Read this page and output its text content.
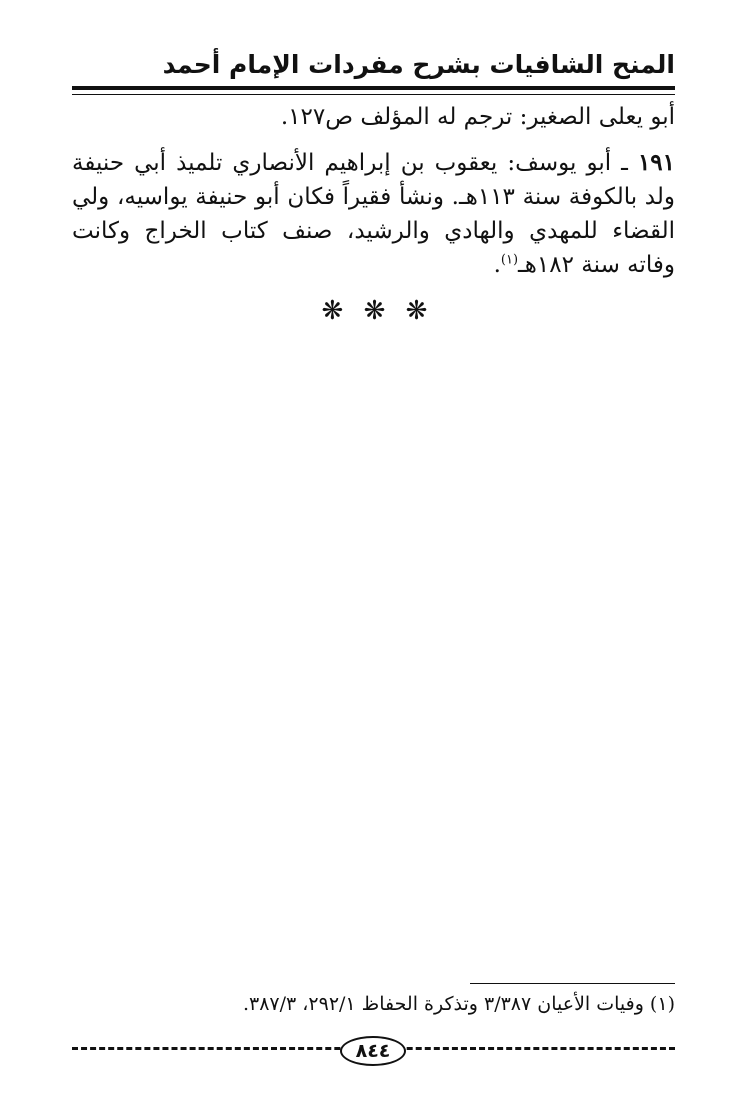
المنح الشافيات بشرح مفردات الإمام أحمد

أبو يعلى الصغير: ترجم له المؤلف ص١٢٧.

١٩١ ـ أبو يوسف: يعقوب بن إبراهيم الأنصاري تلميذ أبي حنيفة ولد بالكوفة سنة ١١٣هـ. ونشأ فقيراً فكان أبو حنيفة يواسيه، ولي القضاء للمهدي والهادي والرشيد، صنف كتاب الخراج وكانت وفاته سنة ١٨٢هـ$^{(١)}$.

❋ ❋ ❋
(١) وفيات الأعيان ٣/٣٨٧ وتذكرة الحفاظ ٢٩٢/١، ٣٨٧/٣.
٨٤٤
